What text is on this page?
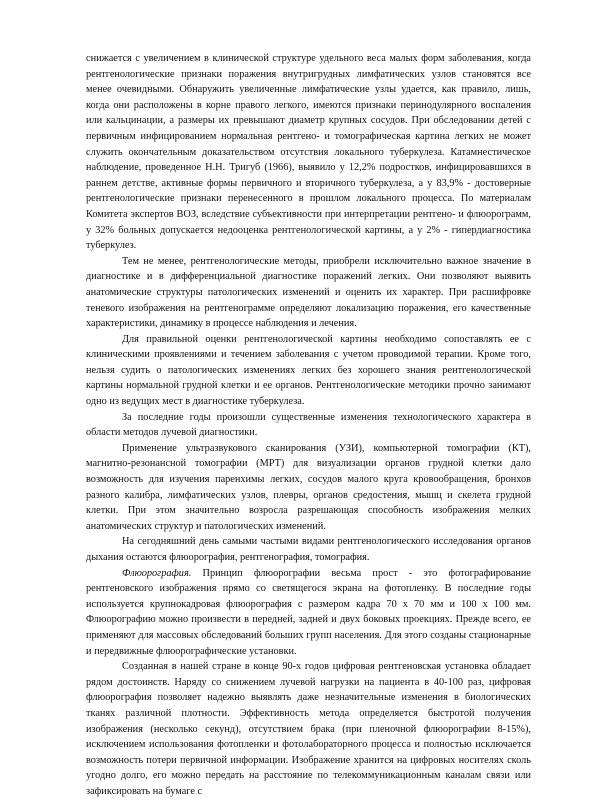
снижается с увеличением в клинической структуре удельного веса малых форм заболевания, когда рентгенологические признаки поражения внутригрудных лимфатических узлов становятся все менее очевидными. Обнаружить увеличенные лимфатические узлы удается, как правило, лишь, когда они расположены в корне правого легкого, имеются признаки перинодулярного воспаления или кальцинации, а размеры их превышают диаметр крупных сосудов. При обследовании детей с первичным инфицированием нормальная рентгено- и томографическая картина легких не может служить окончательным доказательством отсутствия локального туберкулеза. Катамнестическое наблюдение, проведенное Н.Н. Тригуб (1966), выявило у 12,2% подростков, инфицировавшихся в раннем детстве, активные формы первичного и вторичного туберкулеза, а у 83,9% - достоверные рентгенологические признаки перенесенного в прошлом локального процесса. По материалам Комитета экспертов ВОЗ, вследствие субъективности при интерпретации рентгено- и флюорограмм, у 32% больных допускается недооценка рентгенологической картины, а у 2% - гипердиагностика туберкулез.

Тем не менее, рентгенологические методы, приобрели исключительно важное значение в диагностике и в дифференциальной диагностике поражений легких. Они позволяют выявить анатомические структуры патологических изменений и оценить их характер. При расшифровке теневого изображения на рентгенограмме определяют локализацию поражения, его качественные характеристики, динамику в процессе наблюдения и лечения.

Для правильной оценки рентгенологической картины необходимо сопоставлять ее с клиническими проявлениями и течением заболевания с учетом проводимой терапии. Кроме того, нельзя судить о патологических изменениях легких без хорошего знания рентгенологической картины нормальной грудной клетки и ее органов. Рентгенологические методики прочно занимают одно из ведущих мест в диагностике туберкулеза.

За последние годы произошли существенные изменения технологического характера в области методов лучевой диагностики.

Применение ультразвукового сканирования (УЗИ), компьютерной томографии (КТ), магнитно-резонансной томографии (МРТ) для визуализации органов грудной клетки дало возможность для изучения паренхимы легких, сосудов малого круга кровообращения, бронхов разного калибра, лимфатических узлов, плевры, органов средостения, мышц и скелета грудной клетки. При этом значительно возросла разрешающая способность изображения мелких анатомических структур и патологических изменений.

На сегодняшний день самыми частыми видами рентгенологического исследования органов дыхания остаются флюорография, рентгенография, томография.

Флюорография. Принцип флюорографии весьма прост - это фотографирование рентгеновского изображения прямо со светящегося экрана на фотопленку. В последние годы используется крупнокадровая флюорография с размером кадра 70 х 70 мм и 100 х 100 мм. Флюорографию можно произвести в передней, задней и двух боковых проекциях. Прежде всего, ее применяют для массовых обследований больших групп населения. Для этого созданы стационарные и передвижные флюорографические установки.

Созданная в нашей стране в конце 90-х годов цифровая рентгеновская установка обладает рядом достоинств. Наряду со снижением лучевой нагрузки на пациента в 40-100 раз, цифровая флюорография позволяет надежно выявлять даже незначительные изменения в биологических тканях различной плотности. Эффективность метода определяется быстротой получения изображения (несколько секунд), отсутствием брака (при пленочной флюорографии 8-15%), исключением использования фотопленки и фотолабораторного процесса и полностью исключается возможность потери первичной информации. Изображение хранится на цифровых носителях сколь угодно долго, его можно передать на расстояние по телекоммуникационным каналам связи или зафиксировать на бумаге с
